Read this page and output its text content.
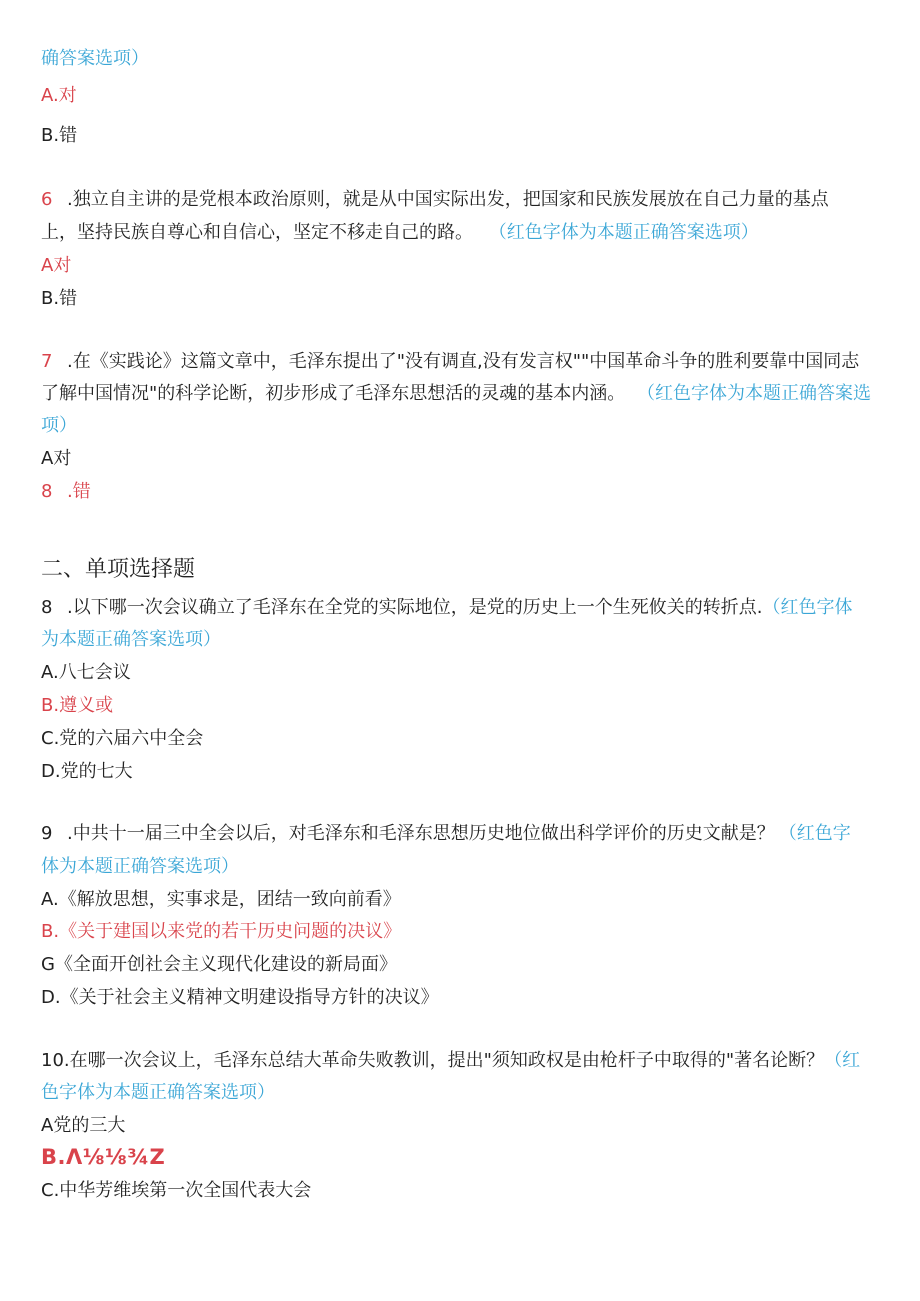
确答案选项）
A.对
B.错
6 .独立自主讲的是党根本政治原则，就是从中国实际出发，把国家和民族发展放在自己力量的基点
上，坚持民族自尊心和自信心，坚定不移走自己的路。 （红色字体为本题正确答案选项）
A对
B.错
7 .在《实践论》这篇文章中，毛泽东提出了"没有调直,没有发言权""中国革命斗争的胜利要靠中国同志
了解中国情况"的科学论断，初步形成了毛泽东思想活的灵魂的基本内涵。 （红色字体为本题正确答案选
项）
A对
8 .错
二、单项选择题
8 .以下哪一次会议确立了毛泽东在全党的实际地位，是党的历史上一个生死攸关的转折点.（红色字体
为本题正确答案选项）
A.八七会议
B.遵义或
C.党的六届六中全会
D.党的七大
9 .中共十一届三中全会以后，对毛泽东和毛泽东思想历史地位做出科学评价的历史文献是？ （红色字
体为本题正确答案选项）
A.《解放思想，实事求是，团结一致向前看》
B.《关于建国以来党的若干历史问题的决议》
G《全面开创社会主义现代化建设的新局面》
D.《关于社会主义精神文明建设指导方针的决议》
10.在哪一次会议上，毛泽东总结大革命失败教训，提出"须知政权是由枪杆子中取得的"著名论断？（红
色字体为本题正确答案选项）
A党的三大
B.Λ⅛⅛¾Z
C.中华芳维埃第一次全国代表大会
